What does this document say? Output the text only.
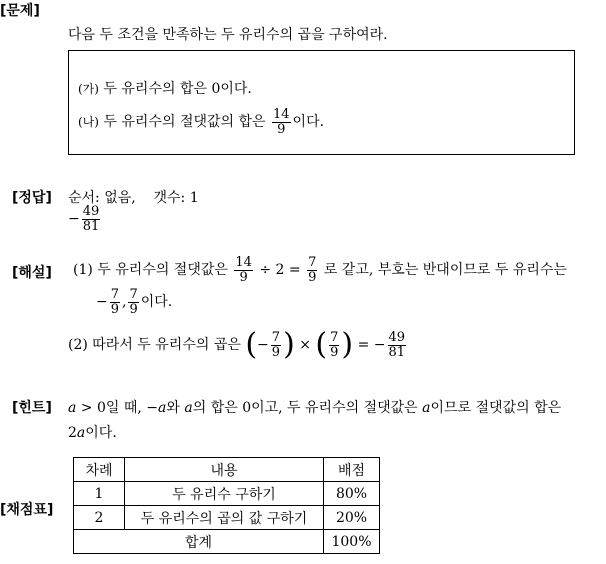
[문제]
다음 두 조건을 만족하는 두 유리수의 곱을 구하여라.
(가) 두 유리수의 합은 0이다.
(나) 두 유리수의 절댓값의 합은 $\frac{14}{9}$ 이다.
[정답] 순서: 없음,    갯수: 1
− $\frac{49}{81}$
[해설] (1) 두 유리수의 절댓값은 $\frac{14}{9} \div 2 = \frac{7}{9}$ 로 같고, 부호는 반대이므로 두 유리수는
− $\frac{7}{9}$ , $\frac{7}{9}$ 이다.
(2) 따라서 두 유리수의 곱은 (− $\frac{7}{9}$ ) × ( $\frac{7}{9}$ ) = − $\frac{49}{81}$
[힌트] a > 0일 때, −a와 a의 합은 0이고, 두 유리수의 절댓값은 a이므로 절댓값의 합은
2a이다.
[채점표]
차례	내용	배점
1	두 유리수 구하기	80%
2	두 유리수의 곱의 값 구하기	20%
합계		100%
